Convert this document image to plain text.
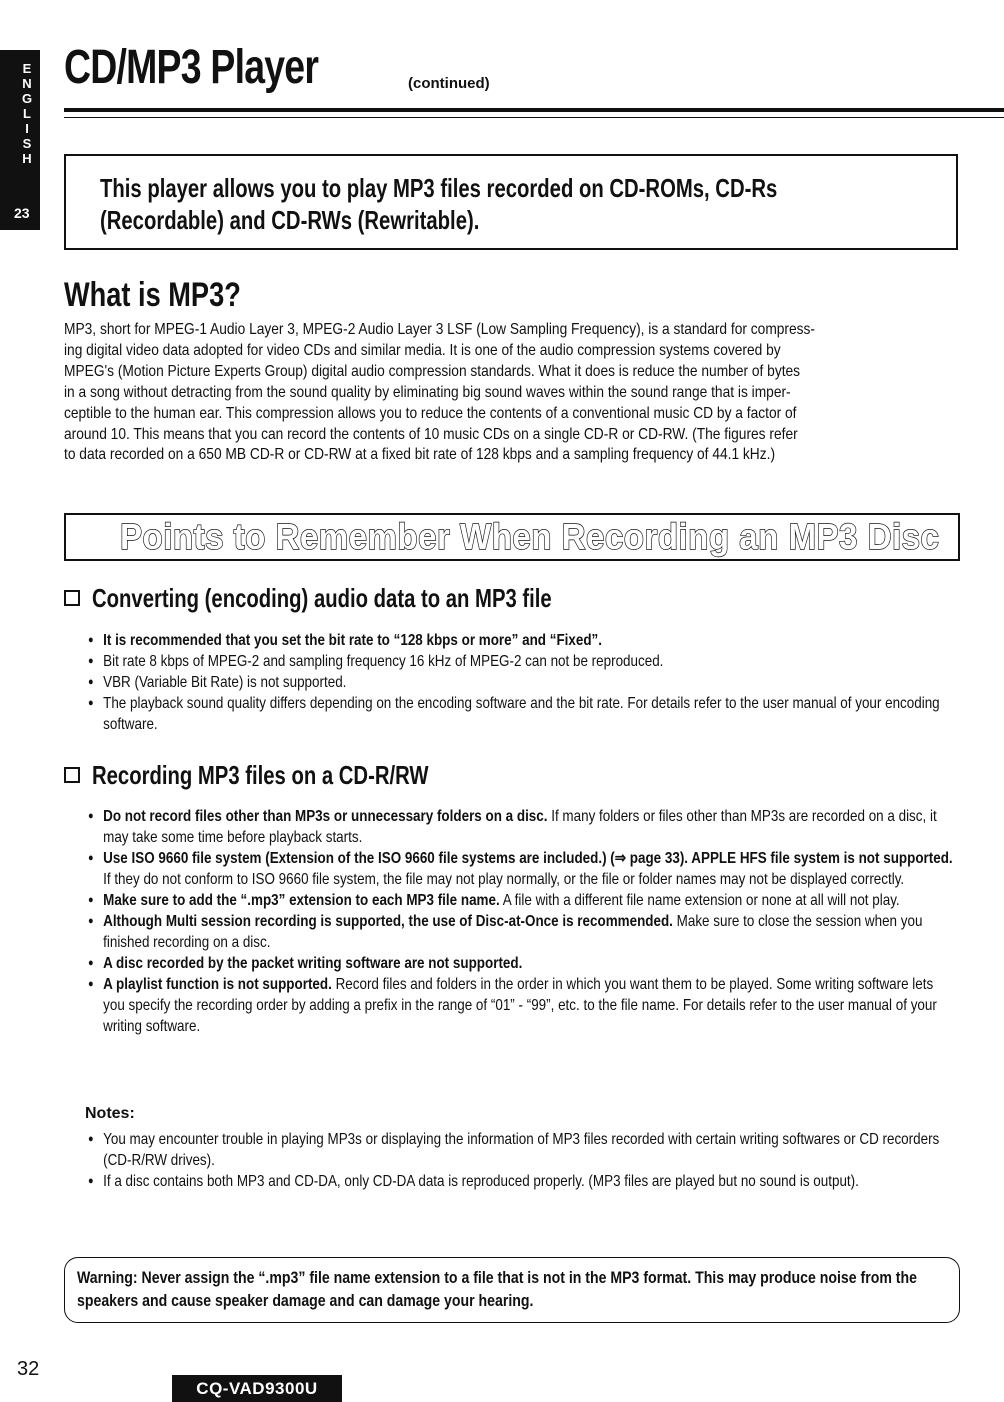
E
N
G
L
I
S
H
23
CD/MP3 Player	(continued)
This player allows you to play MP3 files recorded on CD-ROMs, CD-Rs (Recordable) and CD-RWs (Rewritable).
What is MP3?
MP3, short for MPEG-1 Audio Layer 3, MPEG-2 Audio Layer 3 LSF (Low Sampling Frequency), is a standard for compress-
ing digital video data adopted for video CDs and similar media. It is one of the audio compression systems covered by
MPEG's (Motion Picture Experts Group) digital audio compression standards. What it does is reduce the number of bytes
in a song without detracting from the sound quality by eliminating big sound waves within the sound range that is imper-
ceptible to the human ear. This compression allows you to reduce the contents of a conventional music CD by a factor of
around 10. This means that you can record the contents of 10 music CDs on a single CD-R or CD-RW. (The figures refer
to data recorded on a 650 MB CD-R or CD-RW at a fixed bit rate of 128 kbps and a sampling frequency of 44.1 kHz.)
Points to Remember When Recording an MP3 Disc
Converting (encoding) audio data to an MP3 file
● It is recommended that you set the bit rate to “128 kbps or more” and “Fixed”.
● Bit rate 8 kbps of MPEG-2 and sampling frequency 16 kHz of MPEG-2 can not be reproduced.
● VBR (Variable Bit Rate) is not supported.
● The playback sound quality differs depending on the encoding software and the bit rate. For details refer to the user manual of your encoding software.
Recording MP3 files on a CD-R/RW
● Do not record files other than MP3s or unnecessary folders on a disc. If many folders or files other than MP3s are recorded on a disc, it may take some time before playback starts.
● Use ISO 9660 file system (Extension of the ISO 9660 file systems are included.) (⇒ page 33). APPLE HFS file system is not supported. If they do not conform to ISO 9660 file system, the file may not play normally, or the file or folder names may not be displayed correctly.
● Make sure to add the “.mp3” extension to each MP3 file name. A file with a different file name extension or none at all will not play.
● Although Multi session recording is supported, the use of Disc-at-Once is recommended. Make sure to close the session when you finished recording on a disc.
● A disc recorded by the packet writing software are not supported.
● A playlist function is not supported. Record files and folders in the order in which you want them to be played. Some writing software lets you specify the recording order by adding a prefix in the range of “01” - “99”, etc. to the file name. For details refer to the user manual of your writing software.
Notes:
● You may encounter trouble in playing MP3s or displaying the information of MP3 files recorded with certain writing softwares or CD recorders (CD-R/RW drives).
● If a disc contains both MP3 and CD-DA, only CD-DA data is reproduced properly. (MP3 files are played but no sound is output).
Warning: Never assign the “.mp3” file name extension to a file that is not in the MP3 format. This may produce noise from the speakers and cause speaker damage and can damage your hearing.
32
CQ-VAD9300U
